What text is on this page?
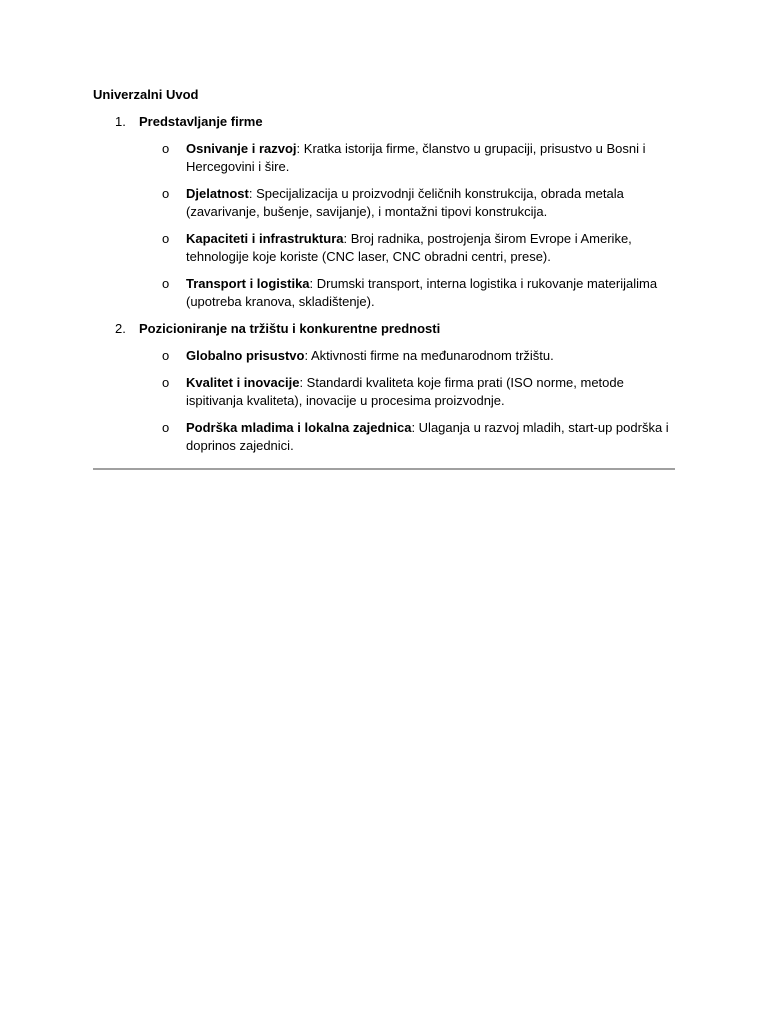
Univerzalni Uvod
1. Predstavljanje firme
o Osnivanje i razvoj: Kratka istorija firme, članstvo u grupaciji, prisustvo u Bosni i Hercegovini i šire.
o Djelatnost: Specijalizacija u proizvodnji čeličnih konstrukcija, obrada metala (zavarivanje, bušenje, savijanje), i montažni tipovi konstrukcija.
o Kapaciteti i infrastruktura: Broj radnika, postrojenja širom Evrope i Amerike, tehnologije koje koriste (CNC laser, CNC obradni centri, prese).
o Transport i logistika: Drumski transport, interna logistika i rukovanje materijalima (upotreba kranova, skladištenje).
2. Pozicioniranje na tržištu i konkurentne prednosti
o Globalno prisustvo: Aktivnosti firme na međunarodnom tržištu.
o Kvalitet i inovacije: Standardi kvaliteta koje firma prati (ISO norme, metode ispitivanja kvaliteta), inovacije u procesima proizvodnje.
o Podrška mladima i lokalna zajednica: Ulaganja u razvoj mladih, start-up podrška i doprinos zajednici.
